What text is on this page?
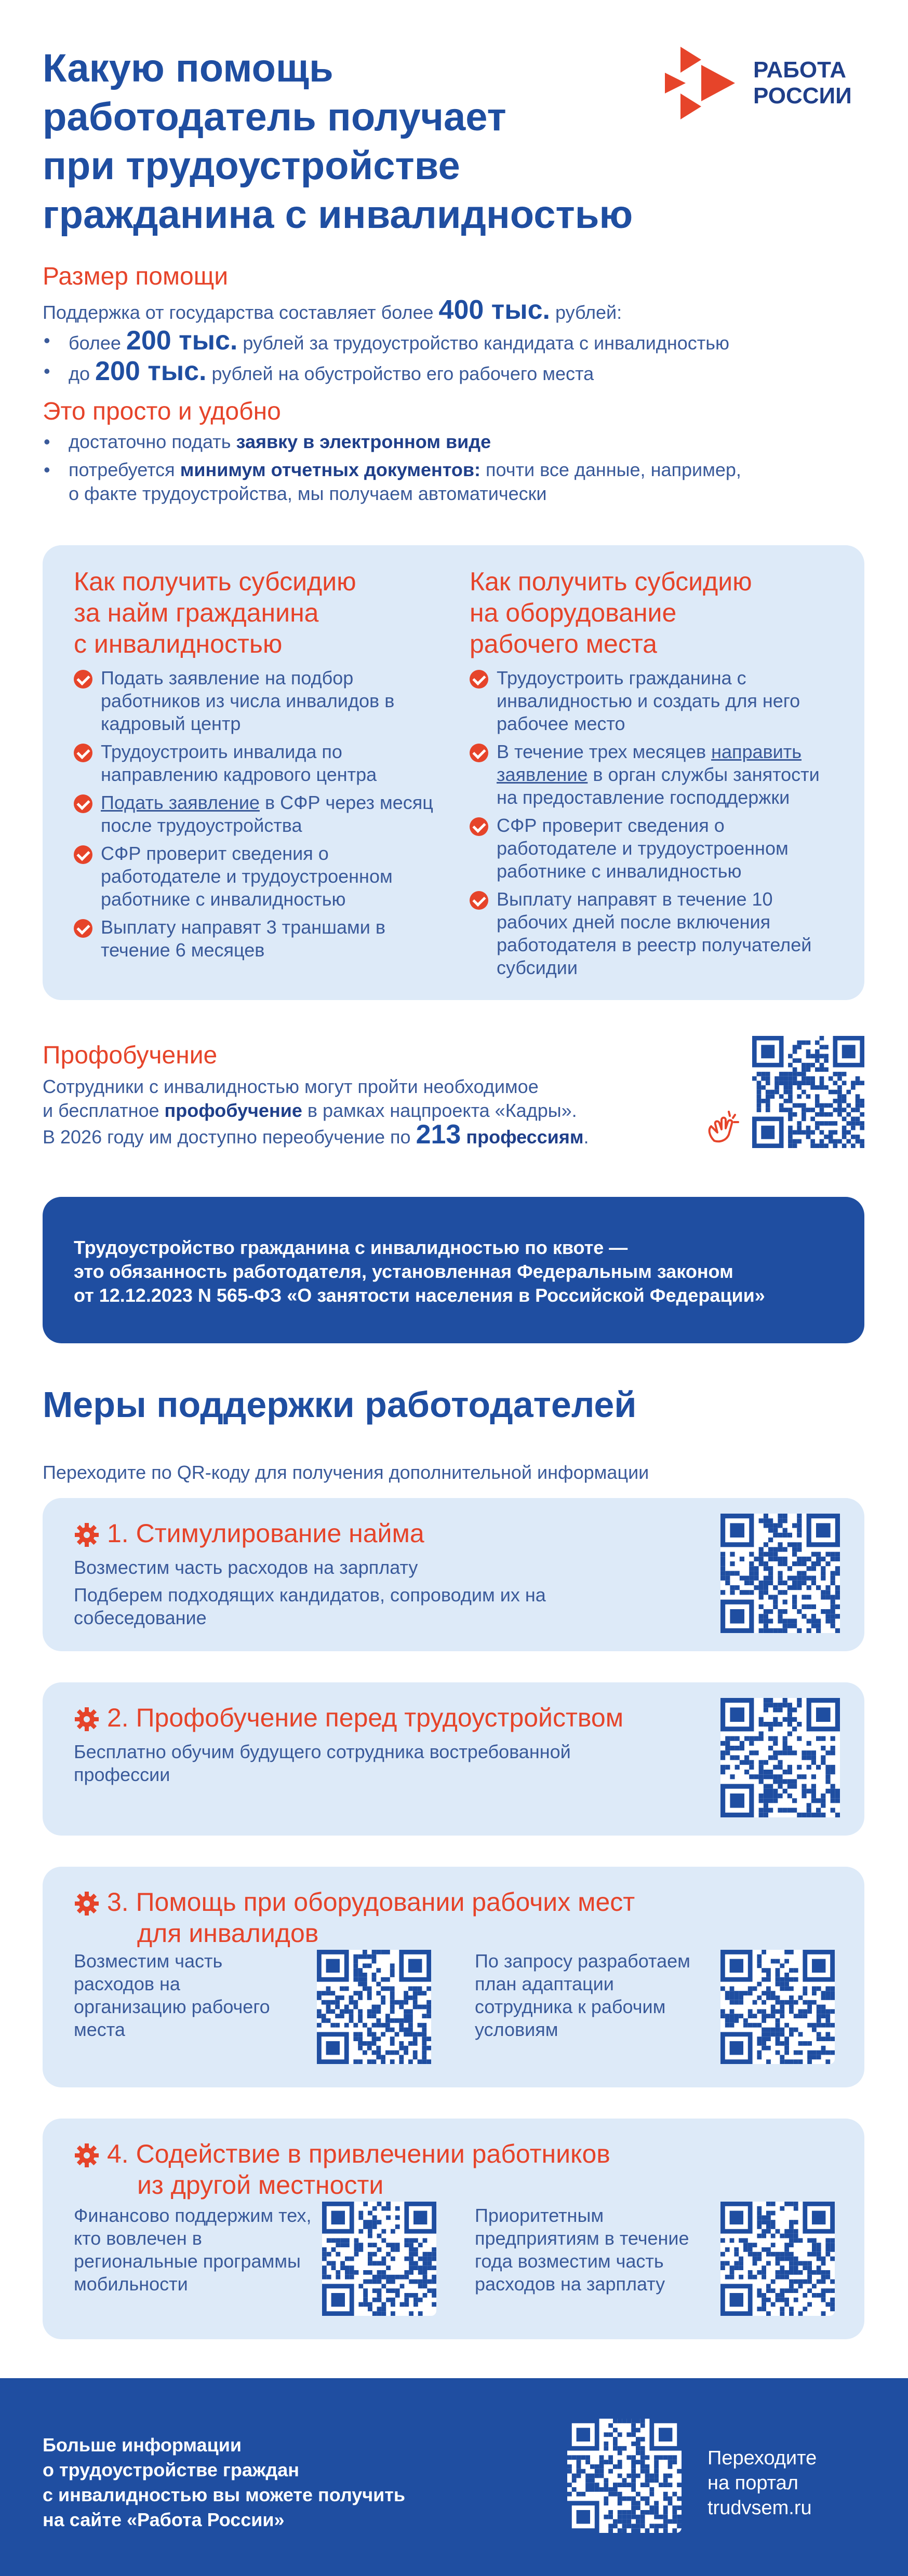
Какую помощь
работодатель получает
при трудоустройстве
гражданина с инвалидностью
РАБОТА
РОССИИ
Размер помощи
Поддержка от государства составляет более 400 тыс. рублей:
• более 200 тыс. рублей за трудоустройство кандидата с инвалидностью
• до 200 тыс. рублей на обустройство его рабочего места
Это просто и удобно
• достаточно подать заявку в электронном виде
• потребуется минимум отчетных документов: почти все данные, например,
о факте трудоустройства, мы получаем автоматически
Как получить субсидию
за найм гражданина
с инвалидностью
Подать заявление на подбор работников из числа инвалидов в кадровый центр
Трудоустроить инвалида по направлению кадрового центра
Подать заявление в СФР через месяц после трудоустройства
СФР проверит сведения о работодателе и трудоустроенном работнике с инвалидностью
Выплату направят 3 траншами в течение 6 месяцев
Как получить субсидию
на оборудование
рабочего места
Трудоустроить гражданина с инвалидностью и создать для него рабочее место
В течение трех месяцев направить заявление в орган службы занятости на предоставление господдержки
СФР проверит сведения о работодателе и трудоустроенном работнике с инвалидностью
Выплату направят в течение 10 рабочих дней после включения работодателя в реестр получателей субсидии
Профобучение
Сотрудники с инвалидностью могут пройти необходимое
и бесплатное профобучение в рамках нацпроекта «Кадры».
В 2026 году им доступно переобучение по 213 профессиям.
Трудоустройство гражданина с инвалидностью по квоте —
это обязанность работодателя, установленная Федеральным законом
от 12.12.2023 N 565-ФЗ «О занятости населения в Российской Федерации»
Меры поддержки работодателей
Переходите по QR-коду для получения дополнительной информации
1. Стимулирование найма
Возместим часть расходов на зарплату
Подберем подходящих кандидатов, сопроводим их на собеседование
2. Профобучение перед трудоустройством
Бесплатно обучим будущего сотрудника востребованной профессии
3. Помощь при оборудовании рабочих мест
для инвалидов
Возместим часть расходов на организацию рабочего места
По запросу разработаем план адаптации сотрудника к рабочим условиям
4. Содействие в привлечении работников
из другой местности
Финансово поддержим тех, кто вовлечен в региональные программы мобильности
Приоритетным предприятиям в течение года возместим часть расходов на зарплату
Больше информации
о трудоустройстве граждан
с инвалидностью вы можете получить
на сайте «Работа России»
Переходите
на портал
trudvsem.ru
